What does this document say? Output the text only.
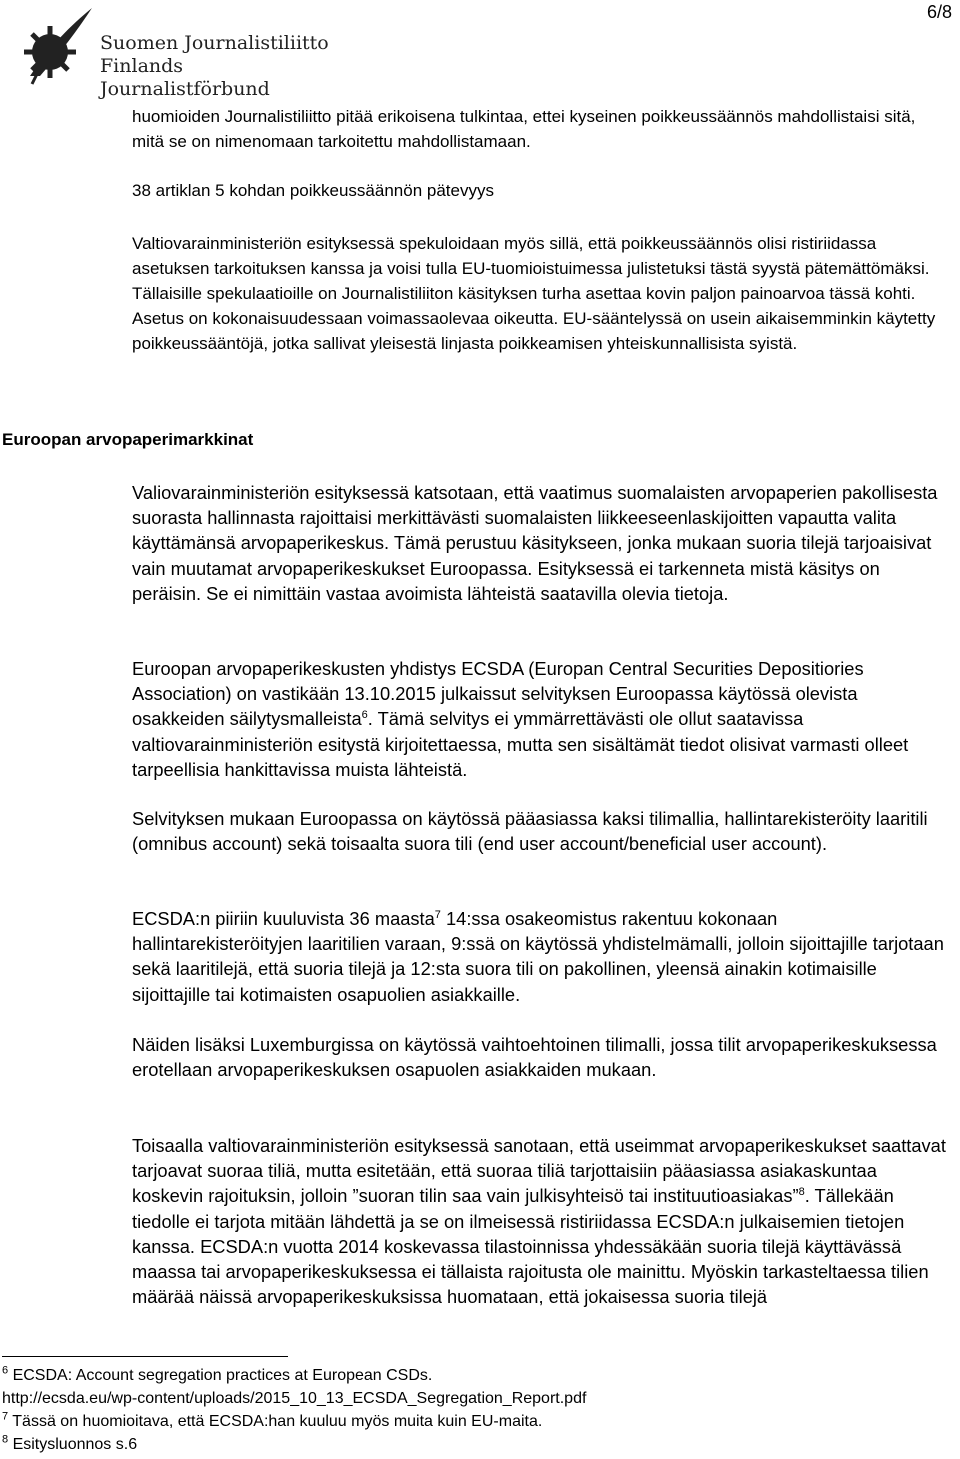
Suomen Journalistiliitto
Finlands Journalistförbund
6/8

huomioiden Journalistiliitto pitää erikoisena tulkintaa, ettei kyseinen poikkeussäännös mahdollistaisi sitä, mitä se on nimenomaan tarkoitettu mahdollistamaan.

38 artiklan 5 kohdan poikkeussäännön pätevyys

Valtiovarainministeriön esityksessä spekuloidaan myös sillä, että poikkeussäännös olisi ristiriidassa asetuksen tarkoituksen kanssa ja voisi tulla EU-tuomioistuimessa julistetuksi tästä syystä pätemättömäksi. Tällaisille spekulaatioille on Journalistiliiton käsityksen turha asettaa kovin paljon painoarvoa tässä kohti. Asetus on kokonaisuudessaan voimassaolevaa oikeutta. EU-sääntelyssä on usein aikaisemminkin käytetty poikkeussääntöjä, jotka sallivat yleisestä linjasta poikkeamisen yhteiskunnallisista syistä.

Euroopan arvopaperimarkkinat

Valiovarainministeriön esityksessä katsotaan, että vaatimus suomalaisten arvopaperien pakollisesta suorasta hallinnasta rajoittaisi merkittävästi suomalaisten liikkeeseenlaskijoitten vapautta valita käyttämänsä arvopaperikeskus. Tämä perustuu käsitykseen, jonka mukaan suoria tilejä tarjoaisivat vain muutamat arvopaperikeskukset Euroopassa. Esityksessä ei tarkenneta mistä käsitys on peräisin. Se ei nimittäin vastaa avoimista lähteistä saatavilla olevia tietoja.

Euroopan arvopaperikeskusten yhdistys ECSDA (Europan Central Securities Depositiories Association) on vastikään 13.10.2015 julkaissut selvityksen Euroopassa käytössä olevista osakkeiden säilytysmalleista$^6$. Tämä selvitys ei ymmärrettävästi ole ollut saatavissa valtiovarainministeriön esitystä kirjoitettaessa, mutta sen sisältämät tiedot olisivat varmasti olleet tarpeellisia hankittavissa muista lähteistä.

Selvityksen mukaan Euroopassa on käytössä pääasiassa kaksi tilimallia, hallintarekisteröity laaritili (omnibus account) sekä toisaalta suora tili (end user account/beneficial user account).

ECSDA:n piiriin kuuluvista 36 maasta$^7$ 14:ssa osakeomistus rakentuu kokonaan hallintarekisteröityjen laaritilien varaan, 9:ssä on käytössä yhdistelmämalli, jolloin sijoittajille tarjotaan sekä laaritilejä, että suoria tilejä ja 12:sta suora tili on pakollinen, yleensä ainakin kotimaisille sijoittajille tai kotimaisten osapuolien asiakkaille.

Näiden lisäksi Luxemburgissa on käytössä vaihtoehtoinen tilimalli, jossa tilit arvopaperikeskuksessa erotellaan arvopaperikeskuksen osapuolen asiakkaiden mukaan.

Toisaalla valtiovarainministeriön esityksessä sanotaan, että useimmat arvopaperikeskukset saattavat tarjoavat suoraa tiliä, mutta esitetään, että suoraa tiliä tarjottaisiin pääasiassa asiakaskuntaa koskevin rajoituksin, jolloin ”suoran tilin saa vain julkisyhteisö tai instituutioasiakas”$^8$. Tällekään tiedolle ei tarjota mitään lähdettä ja se on ilmeisessä ristiriidassa ECSDA:n julkaisemien tietojen kanssa. ECSDA:n vuotta 2014 koskevassa tilastoinnissa yhdessäkään suoria tilejä käyttävässä maassa tai arvopaperikeskuksessa ei tällaista rajoitusta ole mainittu. Myöskin tarkasteltaessa tilien määrää näissä arvopaperikeskuksissa huomataan, että jokaisessa suoria tilejä

$^6$ ECSDA: Account segregation practices at European CSDs.
http://ecsda.eu/wp-content/uploads/2015_10_13_ECSDA_Segregation_Report.pdf
$^7$ Tässä on huomioitava, että ECSDA:han kuuluu myös muita kuin EU-maita.
$^8$ Esitysluonnos s.6
